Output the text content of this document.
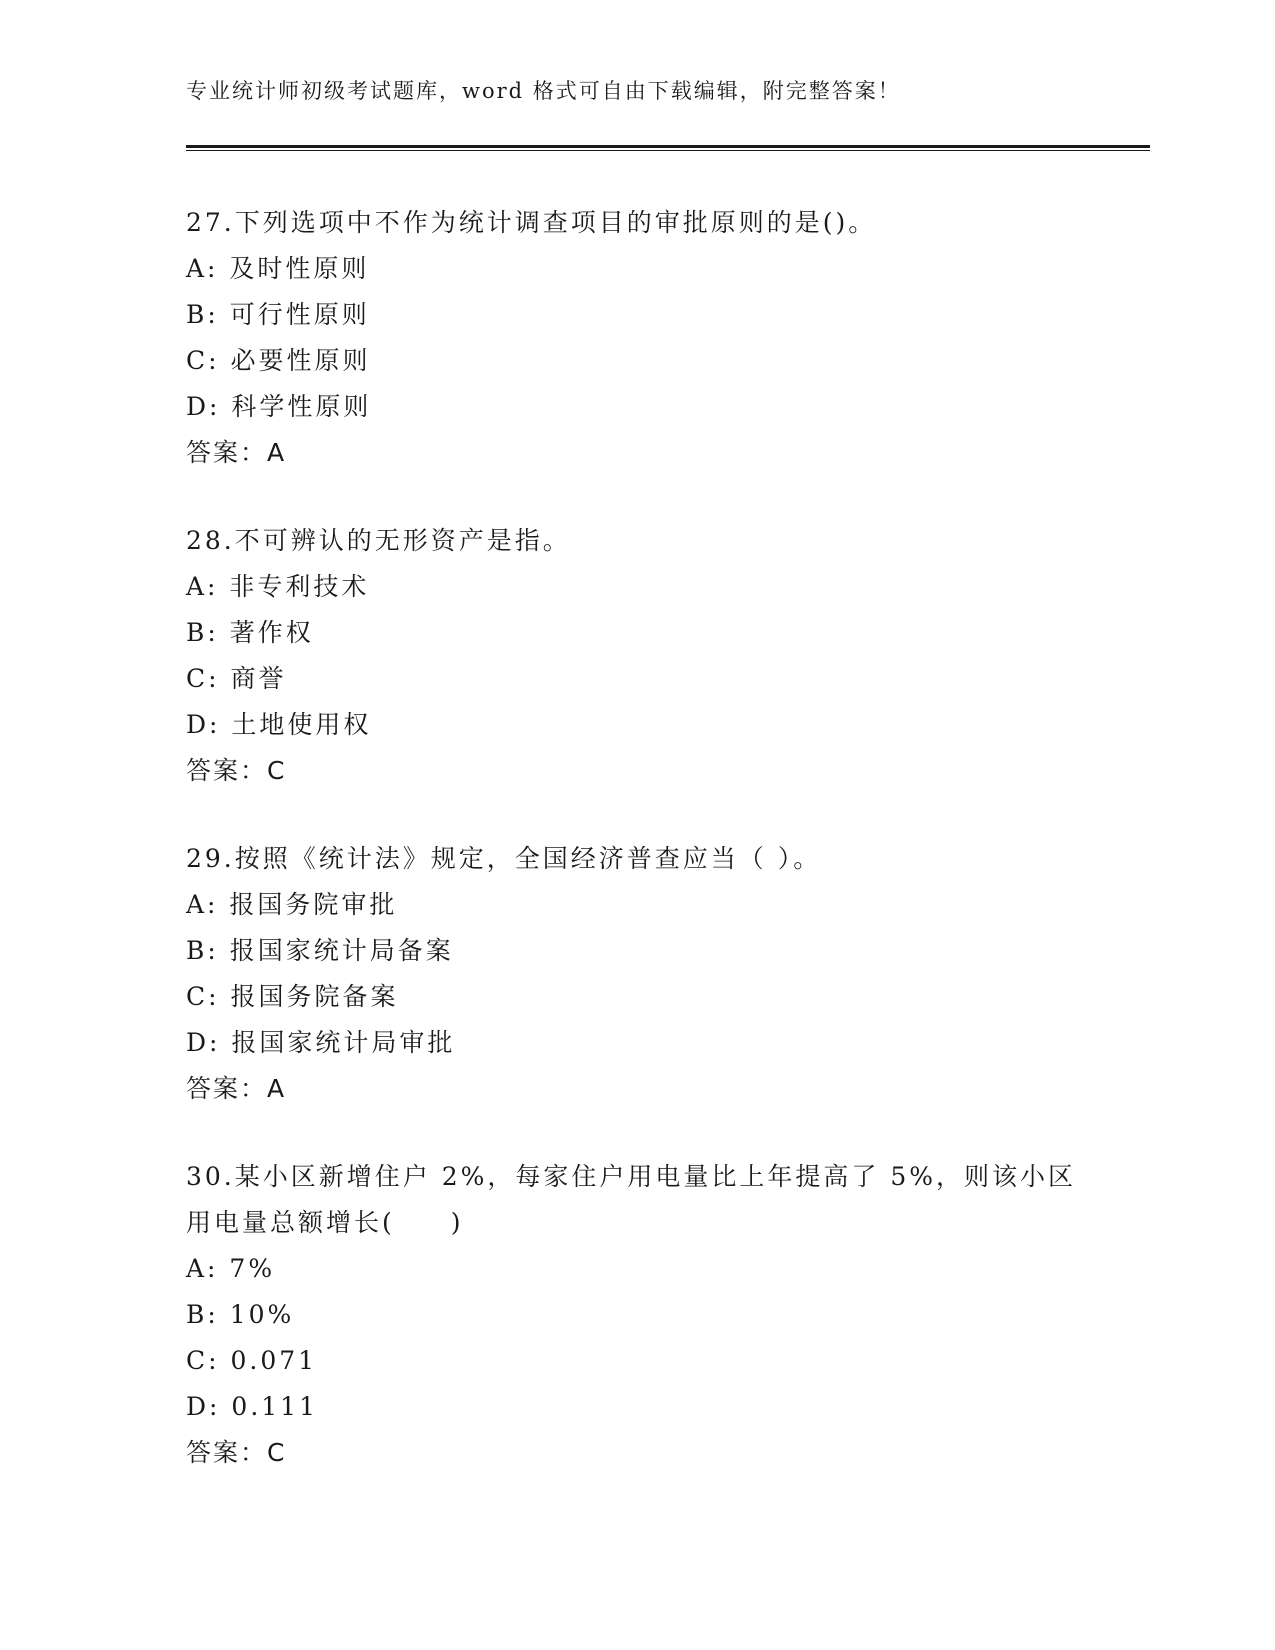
专业统计师初级考试题库，word 格式可自由下载编辑，附完整答案！
27.下列选项中不作为统计调查项目的审批原则的是()。
A: 及时性原则
B: 可行性原则
C: 必要性原则
D: 科学性原则
答案：A
28.不可辨认的无形资产是指。
A: 非专利技术
B: 著作权
C: 商誉
D: 土地使用权
答案：C
29.按照《统计法》规定，全国经济普查应当（ ）。
A: 报国务院审批
B: 报国家统计局备案
C: 报国务院备案
D: 报国家统计局审批
答案：A
30.某小区新增住户 2%，每家住户用电量比上年提高了 5%，则该小区用电量总额增长(　　)
A: 7%
B: 10%
C: 0.071
D: 0.111
答案：C
